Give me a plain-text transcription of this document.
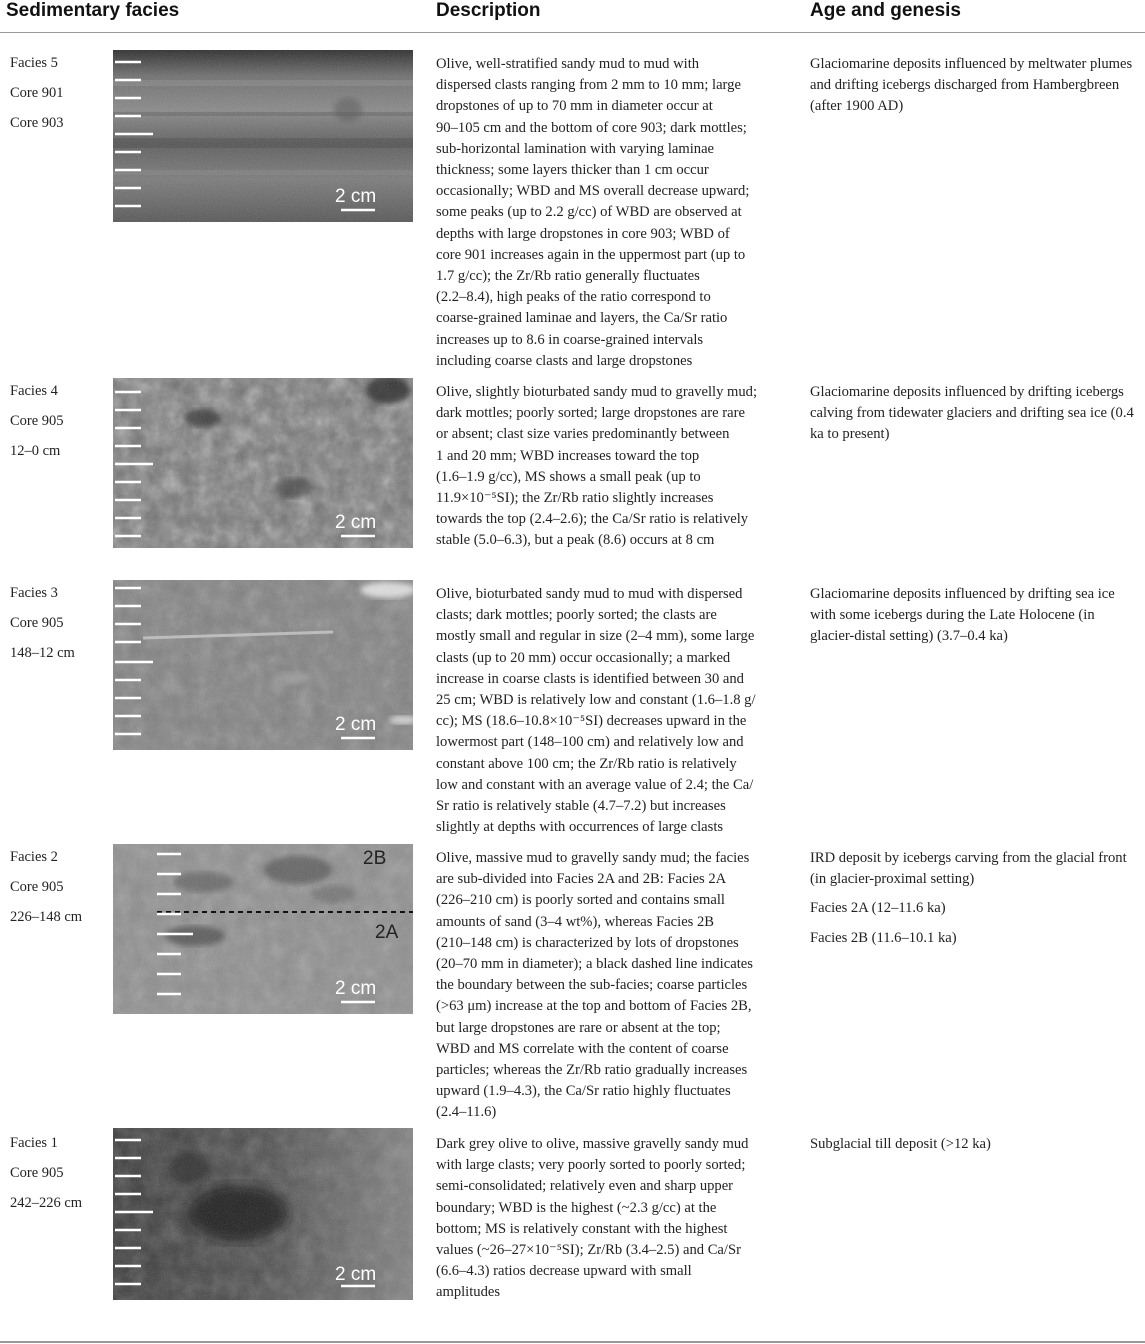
Sedimentary facies	Description	Age and genesis
Facies 5
Core 901
Core 903
2 cm
Olive, well-stratified sandy mud to mud with
dispersed clasts ranging from 2 mm to 10 mm; large
dropstones of up to 70 mm in diameter occur at
90–105 cm and the bottom of core 903; dark mottles;
sub-horizontal lamination with varying laminae
thickness; some layers thicker than 1 cm occur
occasionally; WBD and MS overall decrease upward;
some peaks (up to 2.2 g/cc) of WBD are observed at
depths with large dropstones in core 903; WBD of
core 901 increases again in the uppermost part (up to
1.7 g/cc); the Zr/Rb ratio generally fluctuates
(2.2–8.4), high peaks of the ratio correspond to
coarse-grained laminae and layers, the Ca/Sr ratio
increases up to 8.6 in coarse-grained intervals
including coarse clasts and large dropstones

Glaciomarine deposits influenced by meltwater plumes and drifting icebergs discharged from Hambergbreen (after 1900 AD)

Facies 4
Core 905
12–0 cm
2 cm
Olive, slightly bioturbated sandy mud to gravelly mud;
dark mottles; poorly sorted; large dropstones are rare
or absent; clast size varies predominantly between
1 and 20 mm; WBD increases toward the top
(1.6–1.9 g/cc), MS shows a small peak (up to
11.9×10⁻⁵SI); the Zr/Rb ratio slightly increases
towards the top (2.4–2.6); the Ca/Sr ratio is relatively
stable (5.0–6.3), but a peak (8.6) occurs at 8 cm

Glaciomarine deposits influenced by drifting icebergs calving from tidewater glaciers and drifting sea ice (0.4 ka to present)

Facies 3
Core 905
148–12 cm
2 cm
Olive, bioturbated sandy mud to mud with dispersed
clasts; dark mottles; poorly sorted; the clasts are
mostly small and regular in size (2–4 mm), some large
clasts (up to 20 mm) occur occasionally; a marked
increase in coarse clasts is identified between 30 and
25 cm; WBD is relatively low and constant (1.6–1.8 g/
cc); MS (18.6–10.8×10⁻⁵SI) decreases upward in the
lowermost part (148–100 cm) and relatively low and
constant above 100 cm; the Zr/Rb ratio is relatively
low and constant with an average value of 2.4; the Ca/
Sr ratio is relatively stable (4.7–7.2) but increases
slightly at depths with occurrences of large clasts

Glaciomarine deposits influenced by drifting sea ice with some icebergs during the Late Holocene (in glacier-distal setting) (3.7–0.4 ka)

Facies 2
Core 905
226–148 cm
2B
2A
2 cm
Olive, massive mud to gravelly sandy mud; the facies
are sub-divided into Facies 2A and 2B: Facies 2A
(226–210 cm) is poorly sorted and contains small
amounts of sand (3–4 wt%), whereas Facies 2B
(210–148 cm) is characterized by lots of dropstones
(20–70 mm in diameter); a black dashed line indicates
the boundary between the sub-facies; coarse particles
(>63 μm) increase at the top and bottom of Facies 2B,
but large dropstones are rare or absent at the top;
WBD and MS correlate with the content of coarse
particles; whereas the Zr/Rb ratio gradually increases
upward (1.9–4.3), the Ca/Sr ratio highly fluctuates
(2.4–11.6)

IRD deposit by icebergs carving from the glacial front (in glacier-proximal setting)

Facies 2A (12–11.6 ka)

Facies 2B (11.6–10.1 ka)

Facies 1
Core 905
242–226 cm
2 cm
Dark grey olive to olive, massive gravelly sandy mud
with large clasts; very poorly sorted to poorly sorted;
semi-consolidated; relatively even and sharp upper
boundary; WBD is the highest (~2.3 g/cc) at the
bottom; MS is relatively constant with the highest
values (~26–27×10⁻⁵SI); Zr/Rb (3.4–2.5) and Ca/Sr
(6.6–4.3) ratios decrease upward with small
amplitudes

Subglacial till deposit (>12 ka)
